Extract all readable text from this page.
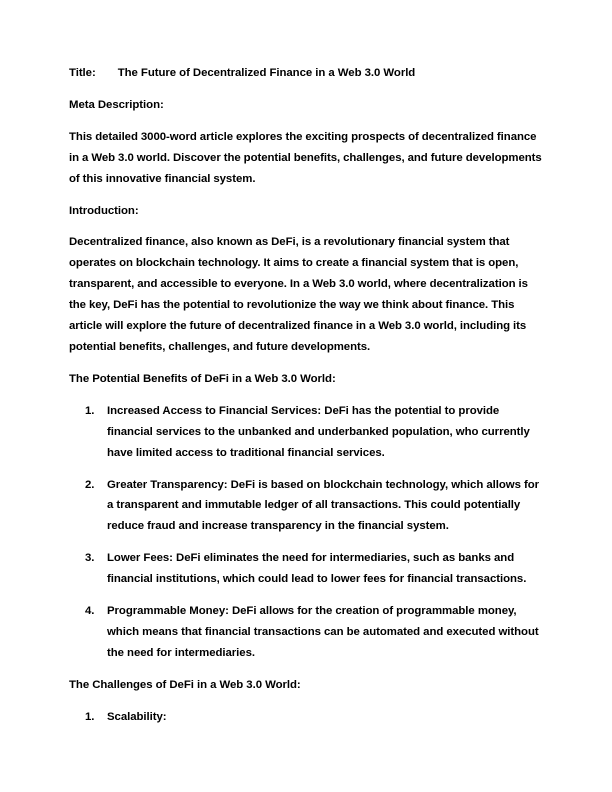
Title: The Future of Decentralized Finance in a Web 3.0 World

Meta Description:

This detailed 3000-word article explores the exciting prospects of decentralized finance in a Web 3.0 world. Discover the potential benefits, challenges, and future developments of this innovative financial system.

Introduction:

Decentralized finance, also known as DeFi, is a revolutionary financial system that operates on blockchain technology. It aims to create a financial system that is open, transparent, and accessible to everyone. In a Web 3.0 world, where decentralization is the key, DeFi has the potential to revolutionize the way we think about finance. This article will explore the future of decentralized finance in a Web 3.0 world, including its potential benefits, challenges, and future developments.

The Potential Benefits of DeFi in a Web 3.0 World:

1.	Increased Access to Financial Services: DeFi has the potential to provide financial services to the unbanked and underbanked population, who currently have limited access to traditional financial services.
2.	Greater Transparency: DeFi is based on blockchain technology, which allows for a transparent and immutable ledger of all transactions. This could potentially reduce fraud and increase transparency in the financial system.
3.	Lower Fees: DeFi eliminates the need for intermediaries, such as banks and financial institutions, which could lead to lower fees for financial transactions.
4.	Programmable Money: DeFi allows for the creation of programmable money, which means that financial transactions can be automated and executed without the need for intermediaries.

The Challenges of DeFi in a Web 3.0 World:

1.	Scalability:
